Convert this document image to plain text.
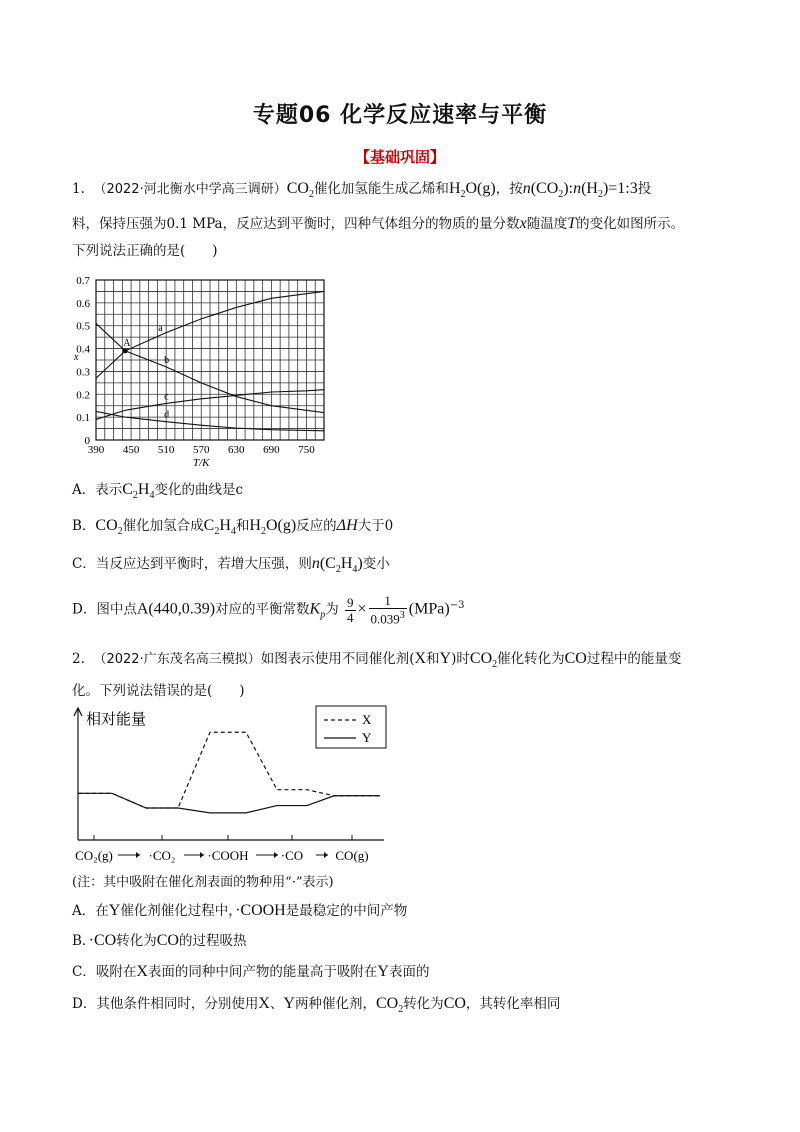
专题06 化学反应速率与平衡
【基础巩固】
1. （2022·河北衡水中学高三调研）$CO_2$催化加氢能生成乙烯和$H_2O(g)$，按$n(CO_2):n(H_2)=1:3$投
料，保持压强为0.1 MPa，反应达到平衡时，四种气体组分的物质的量分数x随温度T的变化如图所示。
下列说法正确的是(　　)
390 450 510 570 630 690 750
0
0.1
0.2
0.3
0.4
0.5
0.6
0.7
T/K
x
a
b
c
d
A
A．表示$C_2H_4$变化的曲线是c
B．$CO_2$催化加氢合成$C_2H_4$和$H_2O(g)$反应的ΔH大于0
C．当反应达到平衡时，若增大压强，则$n(C_2H_4)$变小
D．图中点A(440,0.39)对应的平衡常数$K_p$为 $\frac{9}{4} \times \frac{1}{0.039^3} (MPa)^{-3}$
2. （2022·广东茂名高三模拟）如图表示使用不同催化剂(X和Y)时$CO_2$催化转化为CO过程中的能量变
化。下列说法错误的是(　　)
相对能量
CO₂(g)	·CO₂ ·COOH ·CO CO(g)
X
Y
(注：其中吸附在催化剂表面的物种用“·”表示)
A．在Y催化剂催化过程中，·COOH是最稳定的中间产物
B．·CO转化为CO的过程吸热
C．吸附在X表面的同种中间产物的能量高于吸附在Y表面的
D．其他条件相同时，分别使用X、Y两种催化剂，$CO_2$转化为CO，其转化率相同
